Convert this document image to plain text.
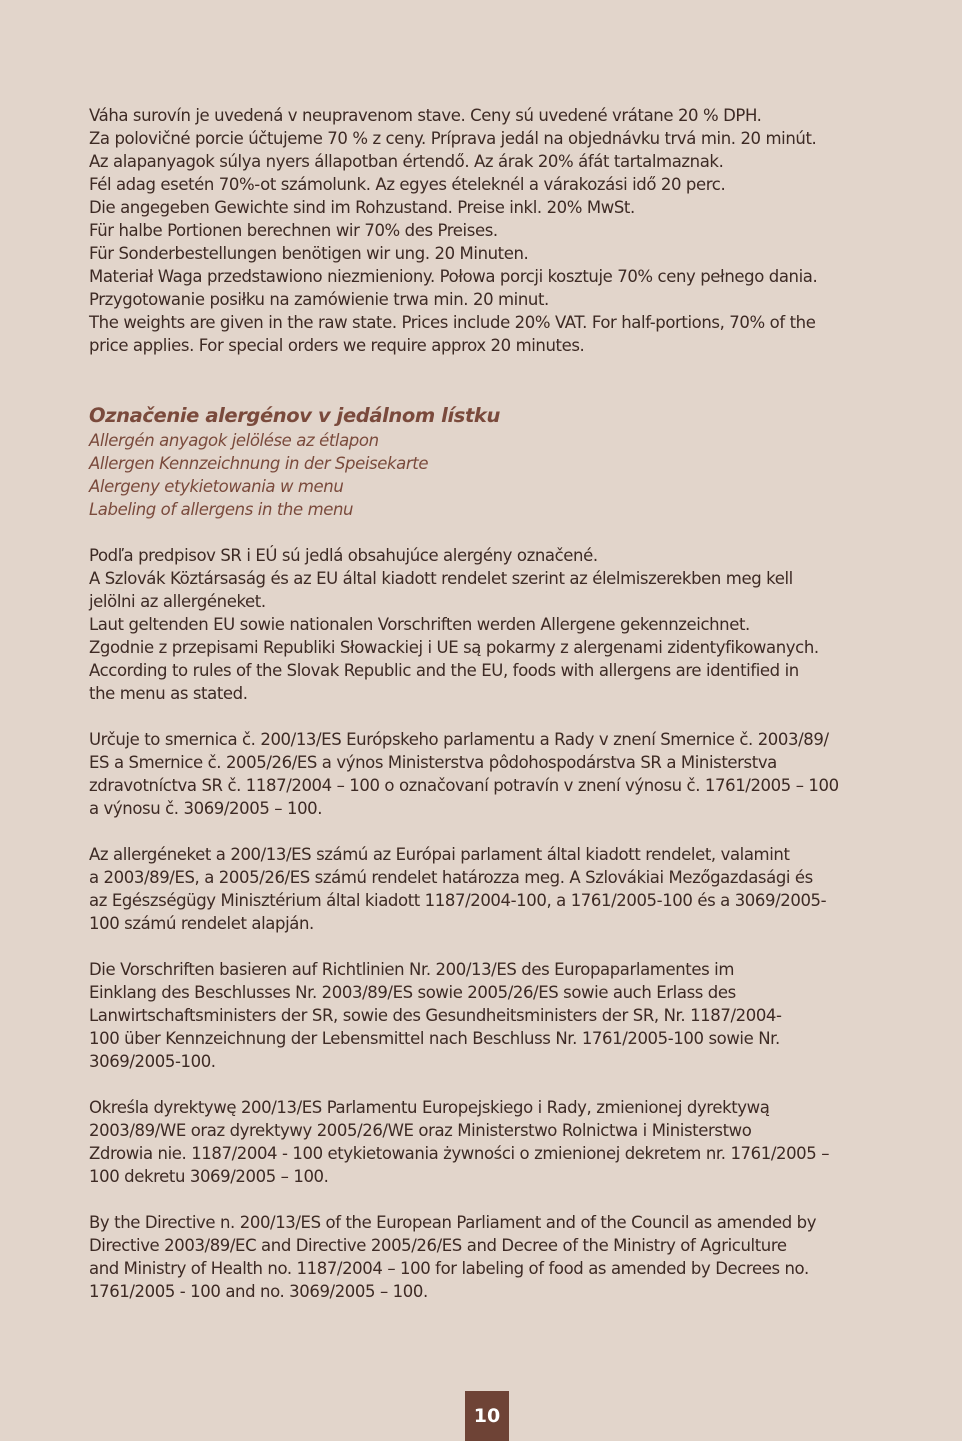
Váha surovín je uvedená v neupravenom stave. Ceny sú uvedené vrátane 20 % DPH.
Za polovičné porcie účtujeme 70 % z ceny. Príprava jedál na objednávku trvá min. 20 minút.
Az alapanyagok súlya nyers állapotban értendő. Az árak 20% áfát tartalmaznak.
Fél adag esetén 70%-ot számolunk. Az egyes ételeknél a várakozási idő 20 perc.
Die angegeben Gewichte sind im Rohzustand. Preise inkl. 20% MwSt.
Für halbe Portionen berechnen wir 70% des Preises.
Für Sonderbestellungen benötigen wir ung. 20 Minuten.
Materiał Waga przedstawiono niezmieniony. Połowa porcji kosztuje 70% ceny pełnego dania.
Przygotowanie posiłku na zamówienie trwa min. 20 minut.
The weights are given in the raw state. Prices include 20% VAT. For half-portions, 70% of the
price applies. For special orders we require approx 20 minutes.
Označenie alergénov v jedálnom lístku
Allergén anyagok jelölése az étlapon
Allergen Kennzeichnung in der Speisekarte
Alergeny etykietowania w menu
Labeling of allergens in the menu
Podľa predpisov SR i EÚ sú jedlá obsahujúce alergény označené.
A Szlovák Köztársaság és az EU által kiadott rendelet szerint az élelmiszerekben meg kell
jelölni az allergéneket.
Laut geltenden EU sowie nationalen Vorschriften werden Allergene gekennzeichnet.
Zgodnie z przepisami Republiki Słowackiej i UE są pokarmy z alergenami zidentyfikowanych.
According to rules of the Slovak Republic and the EU, foods with allergens are identified in
the menu as stated.
Určuje to smernica č. 200/13/ES Európskeho parlamentu a Rady v znení Smernice č. 2003/89/
ES a Smernice č. 2005/26/ES a výnos Ministerstva pôdohospodárstva SR a Ministerstva
zdravotníctva SR č. 1187/2004 – 100 o označovaní potravín v znení výnosu č. 1761/2005 – 100
a výnosu č. 3069/2005 – 100.
Az allergéneket a 200/13/ES számú az Európai parlament által kiadott rendelet, valamint
a 2003/89/ES, a 2005/26/ES számú rendelet határozza meg. A Szlovákiai Mezőgazdasági és
az Egészségügy Minisztérium által kiadott 1187/2004-100, a 1761/2005-100 és a 3069/2005-
100 számú rendelet alapján.
Die Vorschriften basieren auf Richtlinien Nr. 200/13/ES des Europaparlamentes im
Einklang des Beschlusses Nr. 2003/89/ES sowie 2005/26/ES sowie auch Erlass des
Lanwirtschaftsministers der SR, sowie des Gesundheitsministers der SR, Nr. 1187/2004-
100 über Kennzeichnung der Lebensmittel nach Beschluss Nr. 1761/2005-100 sowie Nr.
3069/2005-100.
Określa dyrektywę 200/13/ES Parlamentu Europejskiego i Rady, zmienionej dyrektywą
2003/89/WE oraz dyrektywy 2005/26/WE oraz Ministerstwo Rolnictwa i Ministerstwo
Zdrowia nie. 1187/2004 - 100 etykietowania żywności o zmienionej dekretem nr. 1761/2005 –
100 dekretu 3069/2005 – 100.
By the Directive n. 200/13/ES of the European Parliament and of the Council as amended by
Directive 2003/89/EC and Directive 2005/26/ES and Decree of the Ministry of Agriculture
and Ministry of Health no. 1187/2004 – 100 for labeling of food as amended by Decrees no.
1761/2005 - 100 and no. 3069/2005 – 100.
10
